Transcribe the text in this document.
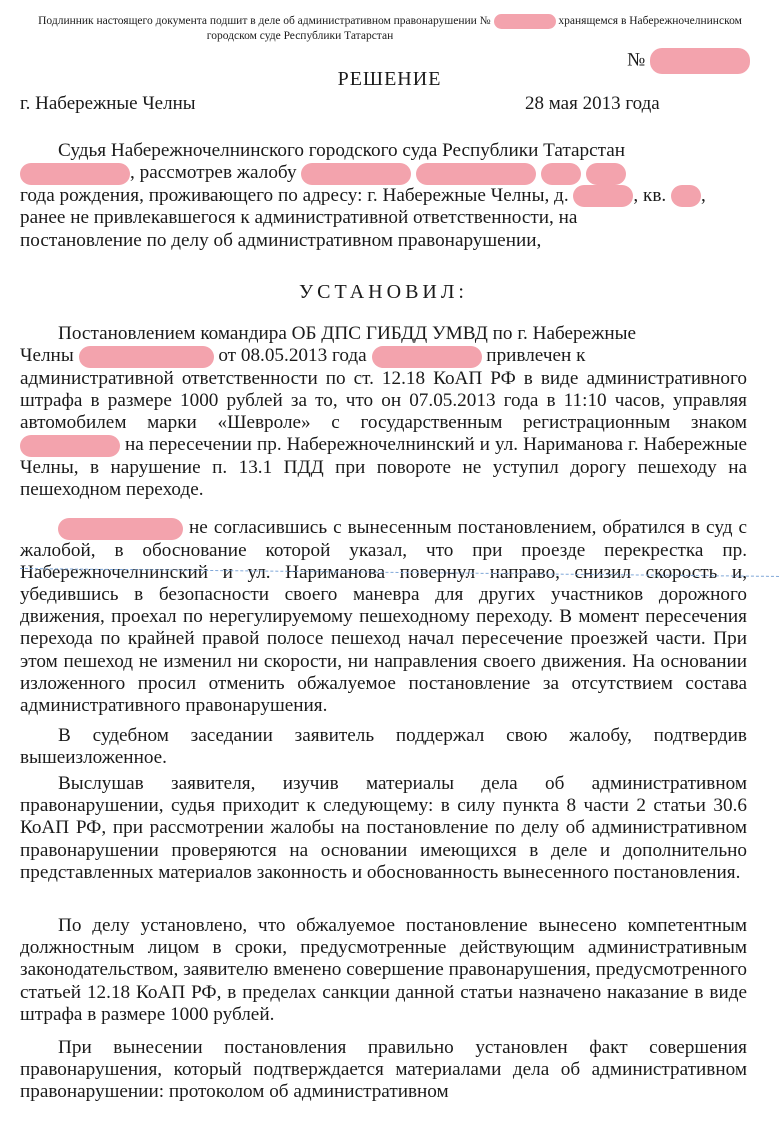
Подлинник настоящего документа подшит в деле об административном правонарушении №	хранящемся в Набережночелнинском
городском суде Республики Татарстан
№
РЕШЕНИЕ
г. Набережные Челны	28 мая 2013 года

Судья Набережночелнинского городского суда Республики Татарстан

, рассмотрев жалобу

года рождения, проживающего по адресу: г. Набережные Челны, д.	, кв. ,

ранее не привлекавшегося к административной ответственности, на

постановление по делу об административном правонарушении,

УСТАНОВИЛ:

Постановлением командира ОБ ДПС ГИБДД УМВД по г. Набережные

Челны	от 08.05.2013 года	привлечен к

административной ответственности по ст. 12.18 КоАП РФ в виде административного штрафа в размере 1000 рублей за то, что он 07.05.2013 года в 11:10 часов, управляя автомобилем марки «Шевроле» с государственным регистрационным знаком  на пересечении пр. Набережночелнинский и ул. Нариманова г. Набережные Челны, в нарушение п. 13.1 ПДД при повороте не уступил дорогу пешеходу на пешеходном переходе.

не согласившись с вынесенным постановлением, обратился в суд с жалобой, в обоснование которой указал, что при проезде перекрестка пр. Набережночелнинский и ул. Нариманова повернул направо, снизил скорость и, убедившись в безопасности своего маневра для других участников дорожного движения, проехал по нерегулируемому пешеходному переходу. В момент пересечения перехода по крайней правой полосе пешеход начал пересечение проезжей части. При этом пешеход не изменил ни скорости, ни направления своего движения. На основании изложенного просил отменить обжалуемое постановление за отсутствием состава административного правонарушения.

В судебном заседании заявитель поддержал свою жалобу, подтвердив вышеизложенное.

Выслушав заявителя, изучив материалы дела об административном правонарушении, судья приходит к следующему: в силу пункта 8 части 2 статьи 30.6 КоАП РФ, при рассмотрении жалобы на постановление по делу об административном правонарушении проверяются на основании имеющихся в деле и дополнительно представленных материалов законность и обоснованность вынесенного постановления.

По делу установлено, что обжалуемое постановление вынесено компетентным должностным лицом в сроки, предусмотренные действующим административным законодательством, заявителю вменено совершение правонарушения, предусмотренного статьей 12.18 КоАП РФ, в пределах санкции данной статьи назначено наказание в виде штрафа в размере 1000 рублей.

При вынесении постановления правильно установлен факт совершения правонарушения, который подтверждается материалами дела об административном правонарушении: протоколом об административном
